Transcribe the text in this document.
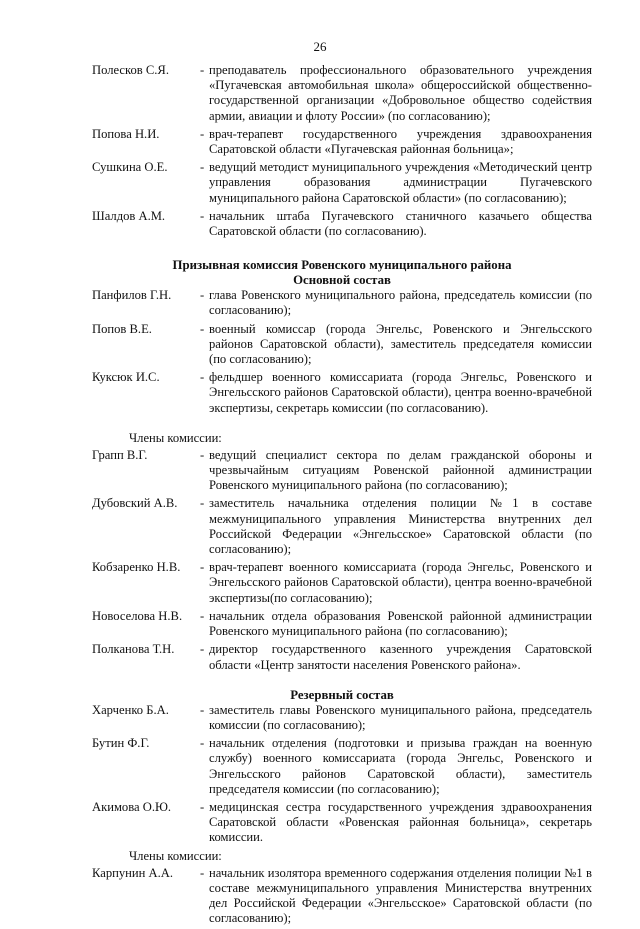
26
Полесков С.Я.	- преподаватель профессионального образовательного учреждения «Пугачевская автомобильная школа» общероссийской общественно-государственной организации «Добровольное общество содействия армии, авиации и флоту России» (по согласованию);
Попова Н.И.	- врач-терапевт государственного учреждения здравоохранения Саратовской области «Пугачевская районная больница»;
Сушкина О.Е.	- ведущий методист муниципального учреждения «Методический центр управления образования администрации Пугачевского муниципального района Саратовской области» (по согласованию);
Шалдов А.М.	- начальник штаба Пугачевского станичного казачьего общества Саратовской области (по согласованию).
Призывная комиссия Ровенского муниципального района
Основной состав
Панфилов Г.Н.	- глава Ровенского муниципального района, председатель комиссии (по согласованию);
Попов В.Е.	- военный комиссар (города Энгельс, Ровенского и Энгельсского районов Саратовской области), заместитель председателя комиссии (по согласованию);
Куксюк И.С.	- фельдшер военного комиссариата (города Энгельс, Ровенского и Энгельсского районов Саратовской области), центра военно-врачебной экспертизы, секретарь комиссии (по согласованию).
Члены комиссии:
Грапп В.Г.	- ведущий специалист сектора по делам гражданской обороны и чрезвычайным ситуациям Ровенской районной администрации Ровенского муниципального района (по согласованию);
Дубовский А.В.	- заместитель начальника отделения полиции №1 в составе межмуниципального управления Министерства внутренних дел Российской Федерации «Энгельсское» Саратовской области (по согласованию);
Кобзаренко Н.В.	- врач-терапевт военного комиссариата (города Энгельс, Ровенского и Энгельсского районов Саратовской области), центра военно-врачебной экспертизы(по согласованию);
Новоселова Н.В.	- начальник отдела образования Ровенской районной администрации Ровенского муниципального района (по согласованию);
Полканова Т.Н.	- директор государственного казенного учреждения Саратовской области «Центр занятости населения Ровенского района».
Резервный состав
Харченко Б.А.	- заместитель главы Ровенского муниципального района, председатель комиссии (по согласованию);
Бутин Ф.Г.	- начальник отделения (подготовки и призыва граждан на военную службу) военного комиссариата (города Энгельс, Ровенского и Энгельсского районов Саратовской области), заместитель председателя комиссии (по согласованию);
Акимова О.Ю.	- медицинская сестра государственного учреждения здравоохранения Саратовской области «Ровенская районная больница», секретарь комиссии.
Члены комиссии:
Карпунин А.А.	- начальник изолятора временного содержания отделения полиции №1 в составе межмуниципального управления Министерства внутренних дел Российской Федерации «Энгельсское» Саратовской области (по согласованию);
